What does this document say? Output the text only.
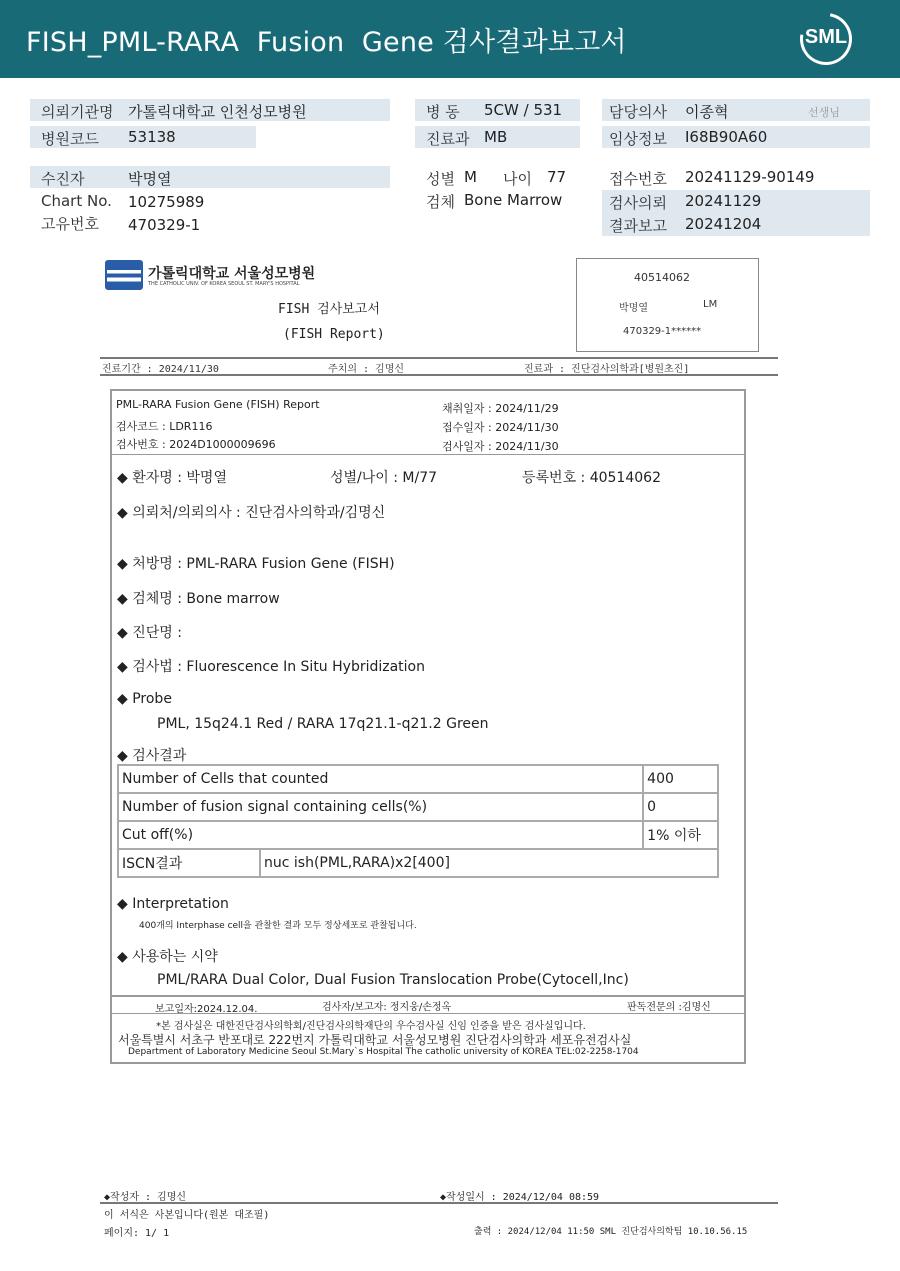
FISH_PML-RARA  Fusion  Gene 검사결과보고서	SML
의뢰기관명 가톨릭대학교 인천성모병원
병원코드 53138
병 동 5CW / 531
진료과 MB
담당의사 이종혁	선생님
임상정보 I68B90A60
수진자	박명열
Chart No. 10275989
고유번호 470329-1
성별 M 나이 77
검체 Bone Marrow
접수번호 20241129-90149
검사의뢰 20241129
결과보고 20241204
가톨릭대학교 서울성모병원
THE CATHOLIC UNIV. OF KOREA SEOUL ST. MARY'S HOSPITAL
FISH 검사보고서
(FISH Report)
40514062
박명열	LM
470329-1******
진료기간 : 2024/11/30	주치의 : 김명신	진료과 : 진단검사의학과[병원초진]
PML-RARA Fusion Gene (FISH) Report
검사코드 : LDR116
검사번호 : 2024D1000009696
채취일자 : 2024/11/29
접수일자 : 2024/11/30
검사일자 : 2024/11/30
◆ 환자명 : 박명열	성별/나이 : M/77	등록번호 : 40514062
◆ 의뢰처/의뢰의사 : 진단검사의학과/김명신
◆ 처방명 : PML-RARA Fusion Gene (FISH)
◆ 검체명 : Bone marrow
◆ 진단명 :
◆ 검사법 : Fluorescence In Situ Hybridization
◆ Probe
PML, 15q24.1 Red / RARA 17q21.1-q21.2 Green
◆ 검사결과
Number of Cells that counted		400
Number of fusion signal containing cells(%)		0
Cut off(%)		1% 이하
ISCN결과	nuc ish(PML,RARA)x2[400]	
◆ Interpretation
400개의 Interphase cell을 관찰한 결과 모두 정상세포로 관찰됩니다.
◆ 사용하는 시약
PML/RARA Dual Color, Dual Fusion Translocation Probe(Cytocell,Inc)
보고일자:2024.12.04.	검사자/보고자: 정지웅/손정옥	판독전문의 :김명신
*본 검사실은 대한진단검사의학회/진단검사의학재단의 우수검사실 신임 인증을 받은 검사실입니다.
서울특별시 서초구 반포대로 222번지 가톨릭대학교 서울성모병원 진단검사의학과 세포유전검사실
Department of Laboratory Medicine Seoul St.Mary`s Hospital The catholic university of KOREA TEL:02-2258-1704
◆작성자 : 김명신	◆작성일시 : 2024/12/04 08:59
이 서식은 사본입니다(원본 대조필)
페이지: 1/ 1	출력 : 2024/12/04 11:50 SML 진단검사의학팀 10.10.56.15
